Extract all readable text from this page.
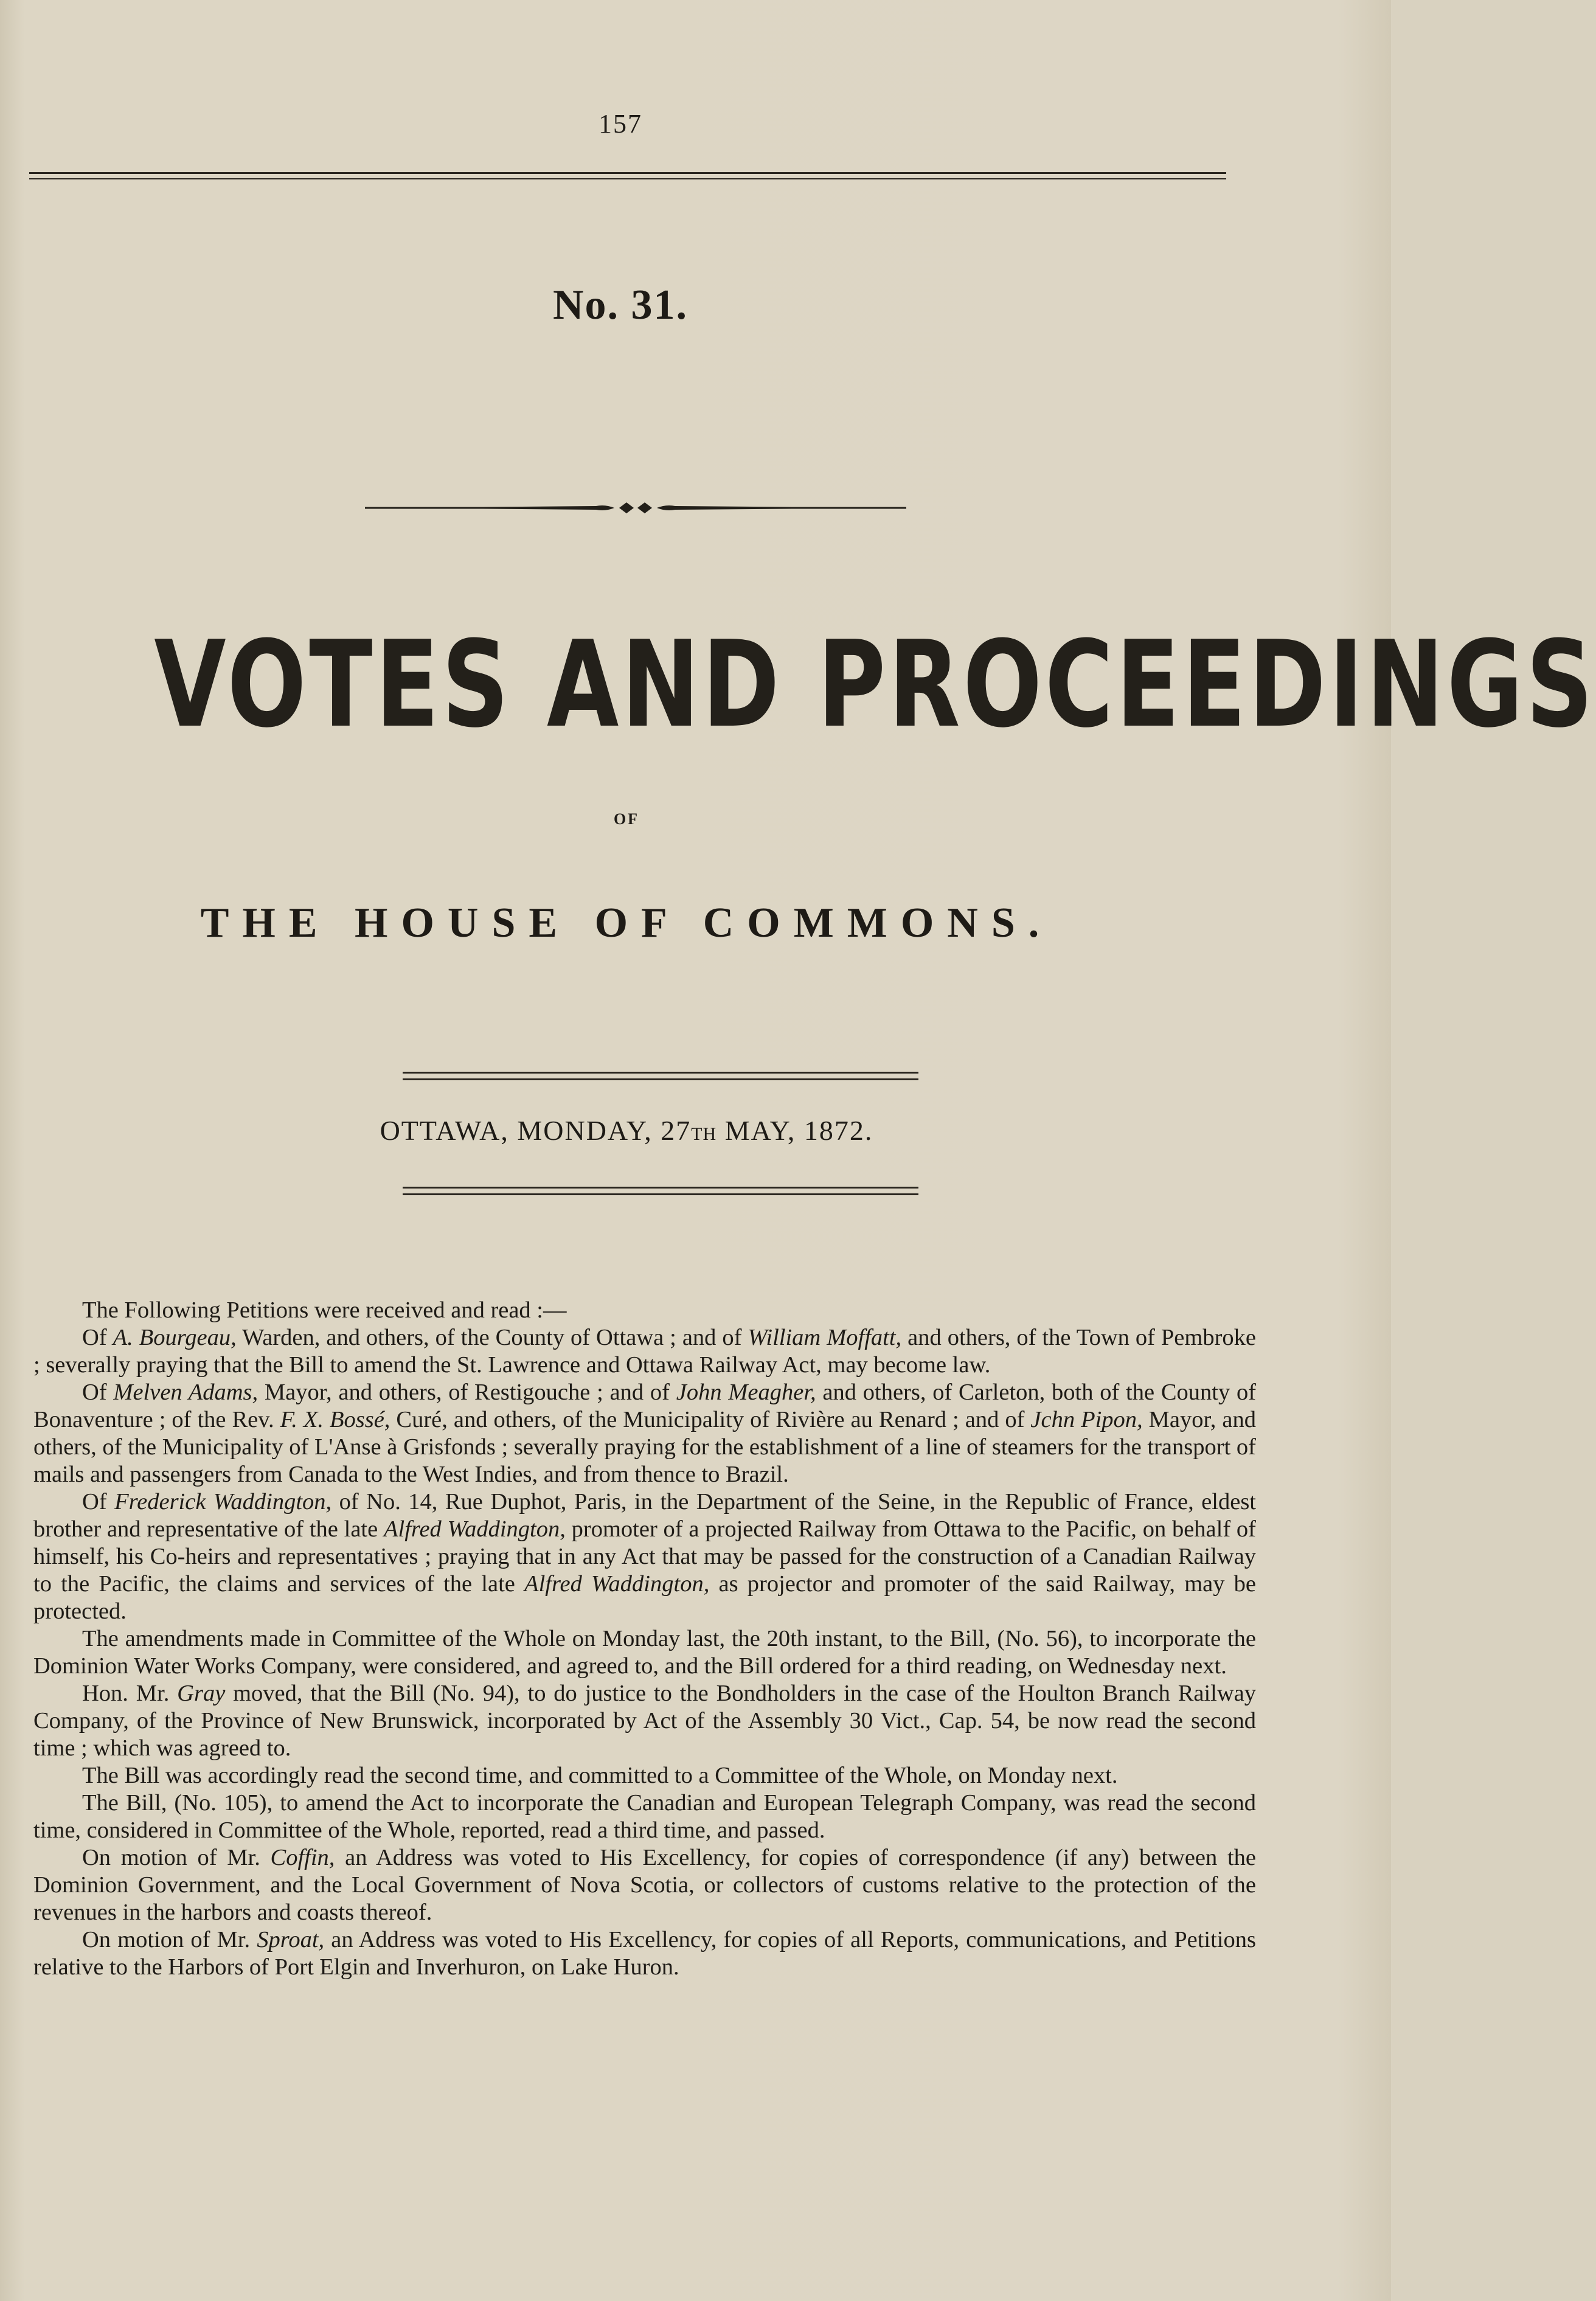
157
No. 31.
VOTES AND PROCEEDINGS
OF
THE HOUSE OF COMMONS.
OTTAWA, MONDAY, 27TH MAY, 1872.

The Following Petitions were received and read :—

Of A. Bourgeau, Warden, and others, of the County of Ottawa ; and of William Moffatt, and others, of the Town of Pembroke ; severally praying that the Bill to amend the St. Lawrence and Ottawa Railway Act, may become law.

Of Melven Adams, Mayor, and others, of Restigouche ; and of John Meagher, and others, of Carleton, both of the County of Bonaventure ; of the Rev. F. X. Bossé, Curé, and others, of the Municipality of Rivière au Renard ; and of Jchn Pipon, Mayor, and others, of the Municipality of L'Anse à Grisfonds ; severally praying for the establishment of a line of steamers for the transport of mails and passengers from Canada to the West Indies, and from thence to Brazil.

Of Frederick Waddington, of No. 14, Rue Duphot, Paris, in the Department of the Seine, in the Republic of France, eldest brother and representative of the late Alfred Waddington, promoter of a projected Railway from Ottawa to the Pacific, on behalf of himself, his Co-heirs and representatives ; praying that in any Act that may be passed for the construction of a Canadian Railway to the Pacific, the claims and services of the late Alfred Waddington, as projector and promoter of the said Railway, may be protected.

The amendments made in Committee of the Whole on Monday last, the 20th instant, to the Bill, (No. 56), to incorporate the Dominion Water Works Company, were considered, and agreed to, and the Bill ordered for a third reading, on Wednesday next.

Hon. Mr. Gray moved, that the Bill (No. 94), to do justice to the Bondholders in the case of the Houlton Branch Railway Company, of the Province of New Brunswick, incorporated by Act of the Assembly 30 Vict., Cap. 54, be now read the second time ; which was agreed to.

The Bill was accordingly read the second time, and committed to a Committee of the Whole, on Monday next.

The Bill, (No. 105), to amend the Act to incorporate the Canadian and European Telegraph Company, was read the second time, considered in Committee of the Whole, reported, read a third time, and passed.

On motion of Mr. Coffin, an Address was voted to His Excellency, for copies of correspondence (if any) between the Dominion Government, and the Local Government of Nova Scotia, or collectors of customs relative to the protection of the revenues in the harbors and coasts thereof.

On motion of Mr. Sproat, an Address was voted to His Excellency, for copies of all Reports, communications, and Petitions relative to the Harbors of Port Elgin and Inverhuron, on Lake Huron.
